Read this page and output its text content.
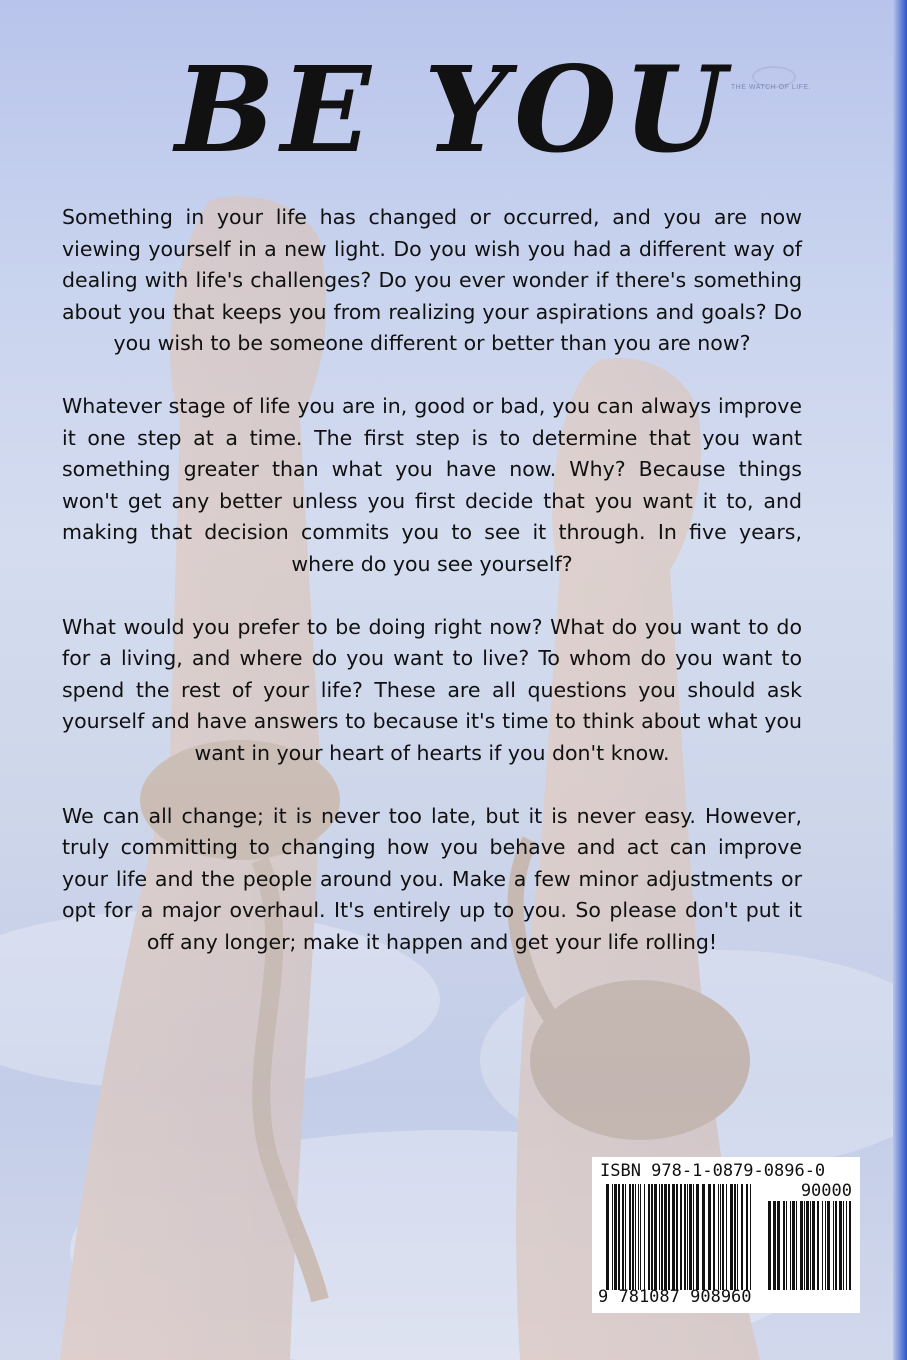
BE YOU THE WATCH OF LIFE.

Something in your life has changed or occurred, and you are now viewing yourself in a new light. Do you wish you had a different way of dealing with life's challenges? Do you ever wonder if there's something about you that keeps you from realizing your aspirations and goals? Do you wish to be someone different or better than you are now?

Whatever stage of life you are in, good or bad, you can always improve it one step at a time. The first step is to determine that you want something greater than what you have now. Why? Because things won't get any better unless you first decide that you want it to, and making that decision commits you to see it through. In five years, where do you see yourself?

What would you prefer to be doing right now? What do you want to do for a living, and where do you want to live? To whom do you want to spend the rest of your life? These are all questions you should ask yourself and have answers to because it's time to think about what you want in your heart of hearts if you don't know.

We can all change; it is never too late, but it is never easy. However, truly committing to changing how you behave and act can improve your life and the people around you. Make a few minor adjustments or opt for a major overhaul. It's entirely up to you. So please don't put it off any longer; make it happen and get your life rolling!

ISBN 978-1-0879-0896-0
90000
9 781087 908960
